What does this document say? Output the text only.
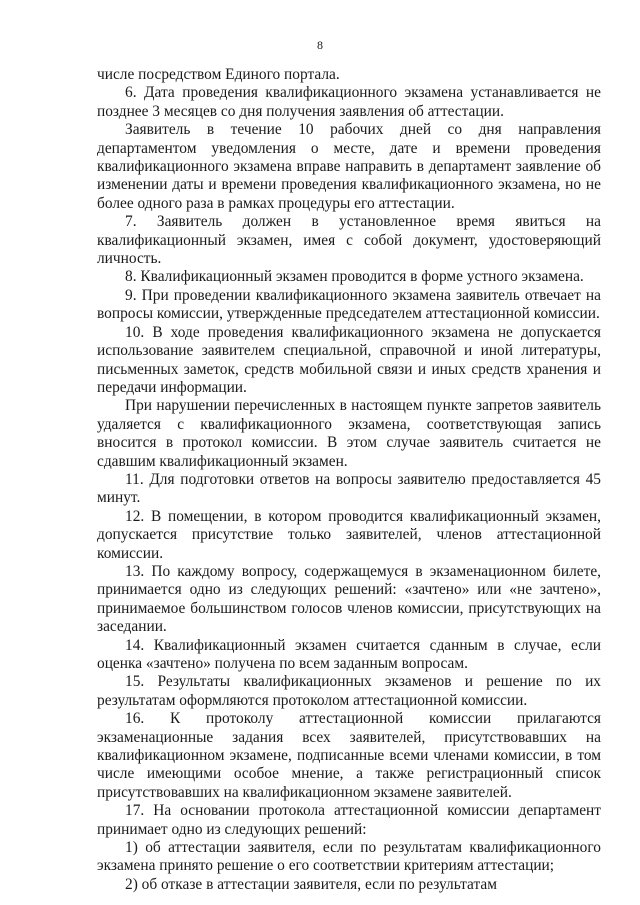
8

числе посредством Единого портала.

6. Дата проведения квалификационного экзамена устанавливается не позднее 3 месяцев со дня получения заявления об аттестации.

Заявитель в течение 10 рабочих дней со дня направления департаментом уведомления о месте, дате и времени проведения квалификационного экзамена вправе направить в департамент заявление об изменении даты и времени проведения квалификационного экзамена, но не более одного раза в рамках процедуры его аттестации.

7. Заявитель должен в установленное время явиться на квалификационный экзамен, имея с собой документ, удостоверяющий личность.

8. Квалификационный экзамен проводится в форме устного экзамена.

9. При проведении квалификационного экзамена заявитель отвечает на вопросы комиссии, утвержденные председателем аттестационной комиссии.

10. В ходе проведения квалификационного экзамена не допускается использование заявителем специальной, справочной и иной литературы, письменных заметок, средств мобильной связи и иных средств хранения и передачи информации.

При нарушении перечисленных в настоящем пункте запретов заявитель удаляется с квалификационного экзамена, соответствующая запись вносится в протокол комиссии. В этом случае заявитель считается не сдавшим квалификационный экзамен.

11. Для подготовки ответов на вопросы заявителю предоставляется 45 минут.

12. В помещении, в котором проводится квалификационный экзамен, допускается присутствие только заявителей, членов аттестационной комиссии.

13. По каждому вопросу, содержащемуся в экзаменационном билете, принимается одно из следующих решений: «зачтено» или «не зачтено», принимаемое большинством голосов членов комиссии, присутствующих на заседании.

14. Квалификационный экзамен считается сданным в случае, если оценка «зачтено» получена по всем заданным вопросам.

15. Результаты квалификационных экзаменов и решение по их результатам оформляются протоколом аттестационной комиссии.

16. К протоколу аттестационной комиссии прилагаются экзаменационные задания всех заявителей, присутствовавших на квалификационном экзамене, подписанные всеми членами комиссии, в том числе имеющими особое мнение, а также регистрационный список присутствовавших на квалификационном экзамене заявителей.

17. На основании протокола аттестационной комиссии департамент принимает одно из следующих решений:

1) об аттестации заявителя, если по результатам квалификационного экзамена принято решение о его соответствии критериям аттестации;

2) об отказе в аттестации заявителя, если по результатам
